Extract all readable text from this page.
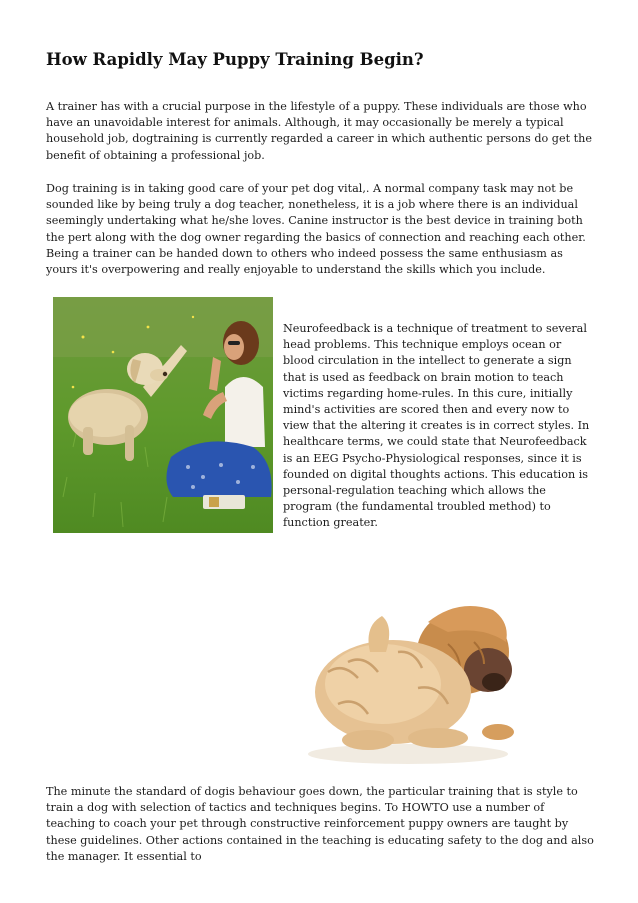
How Rapidly May Puppy Training Begin?

A trainer has with a crucial purpose in the lifestyle of a puppy. These individuals are those who have an unavoidable interest for animals. Although, it may occasionally be merely a typical household job, dogtraining is currently regarded a career in which authentic persons do get the benefit of obtaining a professional job.

Dog training is in taking good care of your pet dog vital,. A normal company task may not be sounded like by being truly a dog teacher, nonetheless, it is a job where there is an individual seemingly undertaking what he/she loves. Canine instructor is the best device in training both the pert along with the dog owner regarding the basics of connection and reaching each other. Being a trainer can be handed down to others who indeed possess the same enthusiasm as yours it's overpowering and really enjoyable to understand the skills which you include.

Neurofeedback is a technique of treatment to several head problems. This technique employs ocean or blood circulation in the intellect to generate a sign that is used as feedback on brain motion to teach victims regarding home-rules. In this cure, initially mind's activities are scored then and every now to view that the altering it creates is in correct styles. In healthcare terms, we could state that Neurofeedback is an EEG Psycho-Physiological responses, since it is founded on digital thoughts actions. This education is personal-regulation teaching which allows the program (the fundamental troubled method) to function greater.

The minute the standard of dogis behaviour goes down, the particular training that is style to train a dog with selection of tactics and techniques begins. To HOWTO use a number of teaching to coach your pet through constructive reinforcement puppy owners are taught by these guidelines. Other actions contained in the teaching is educating safety to the dog and also the manager. It essential to
